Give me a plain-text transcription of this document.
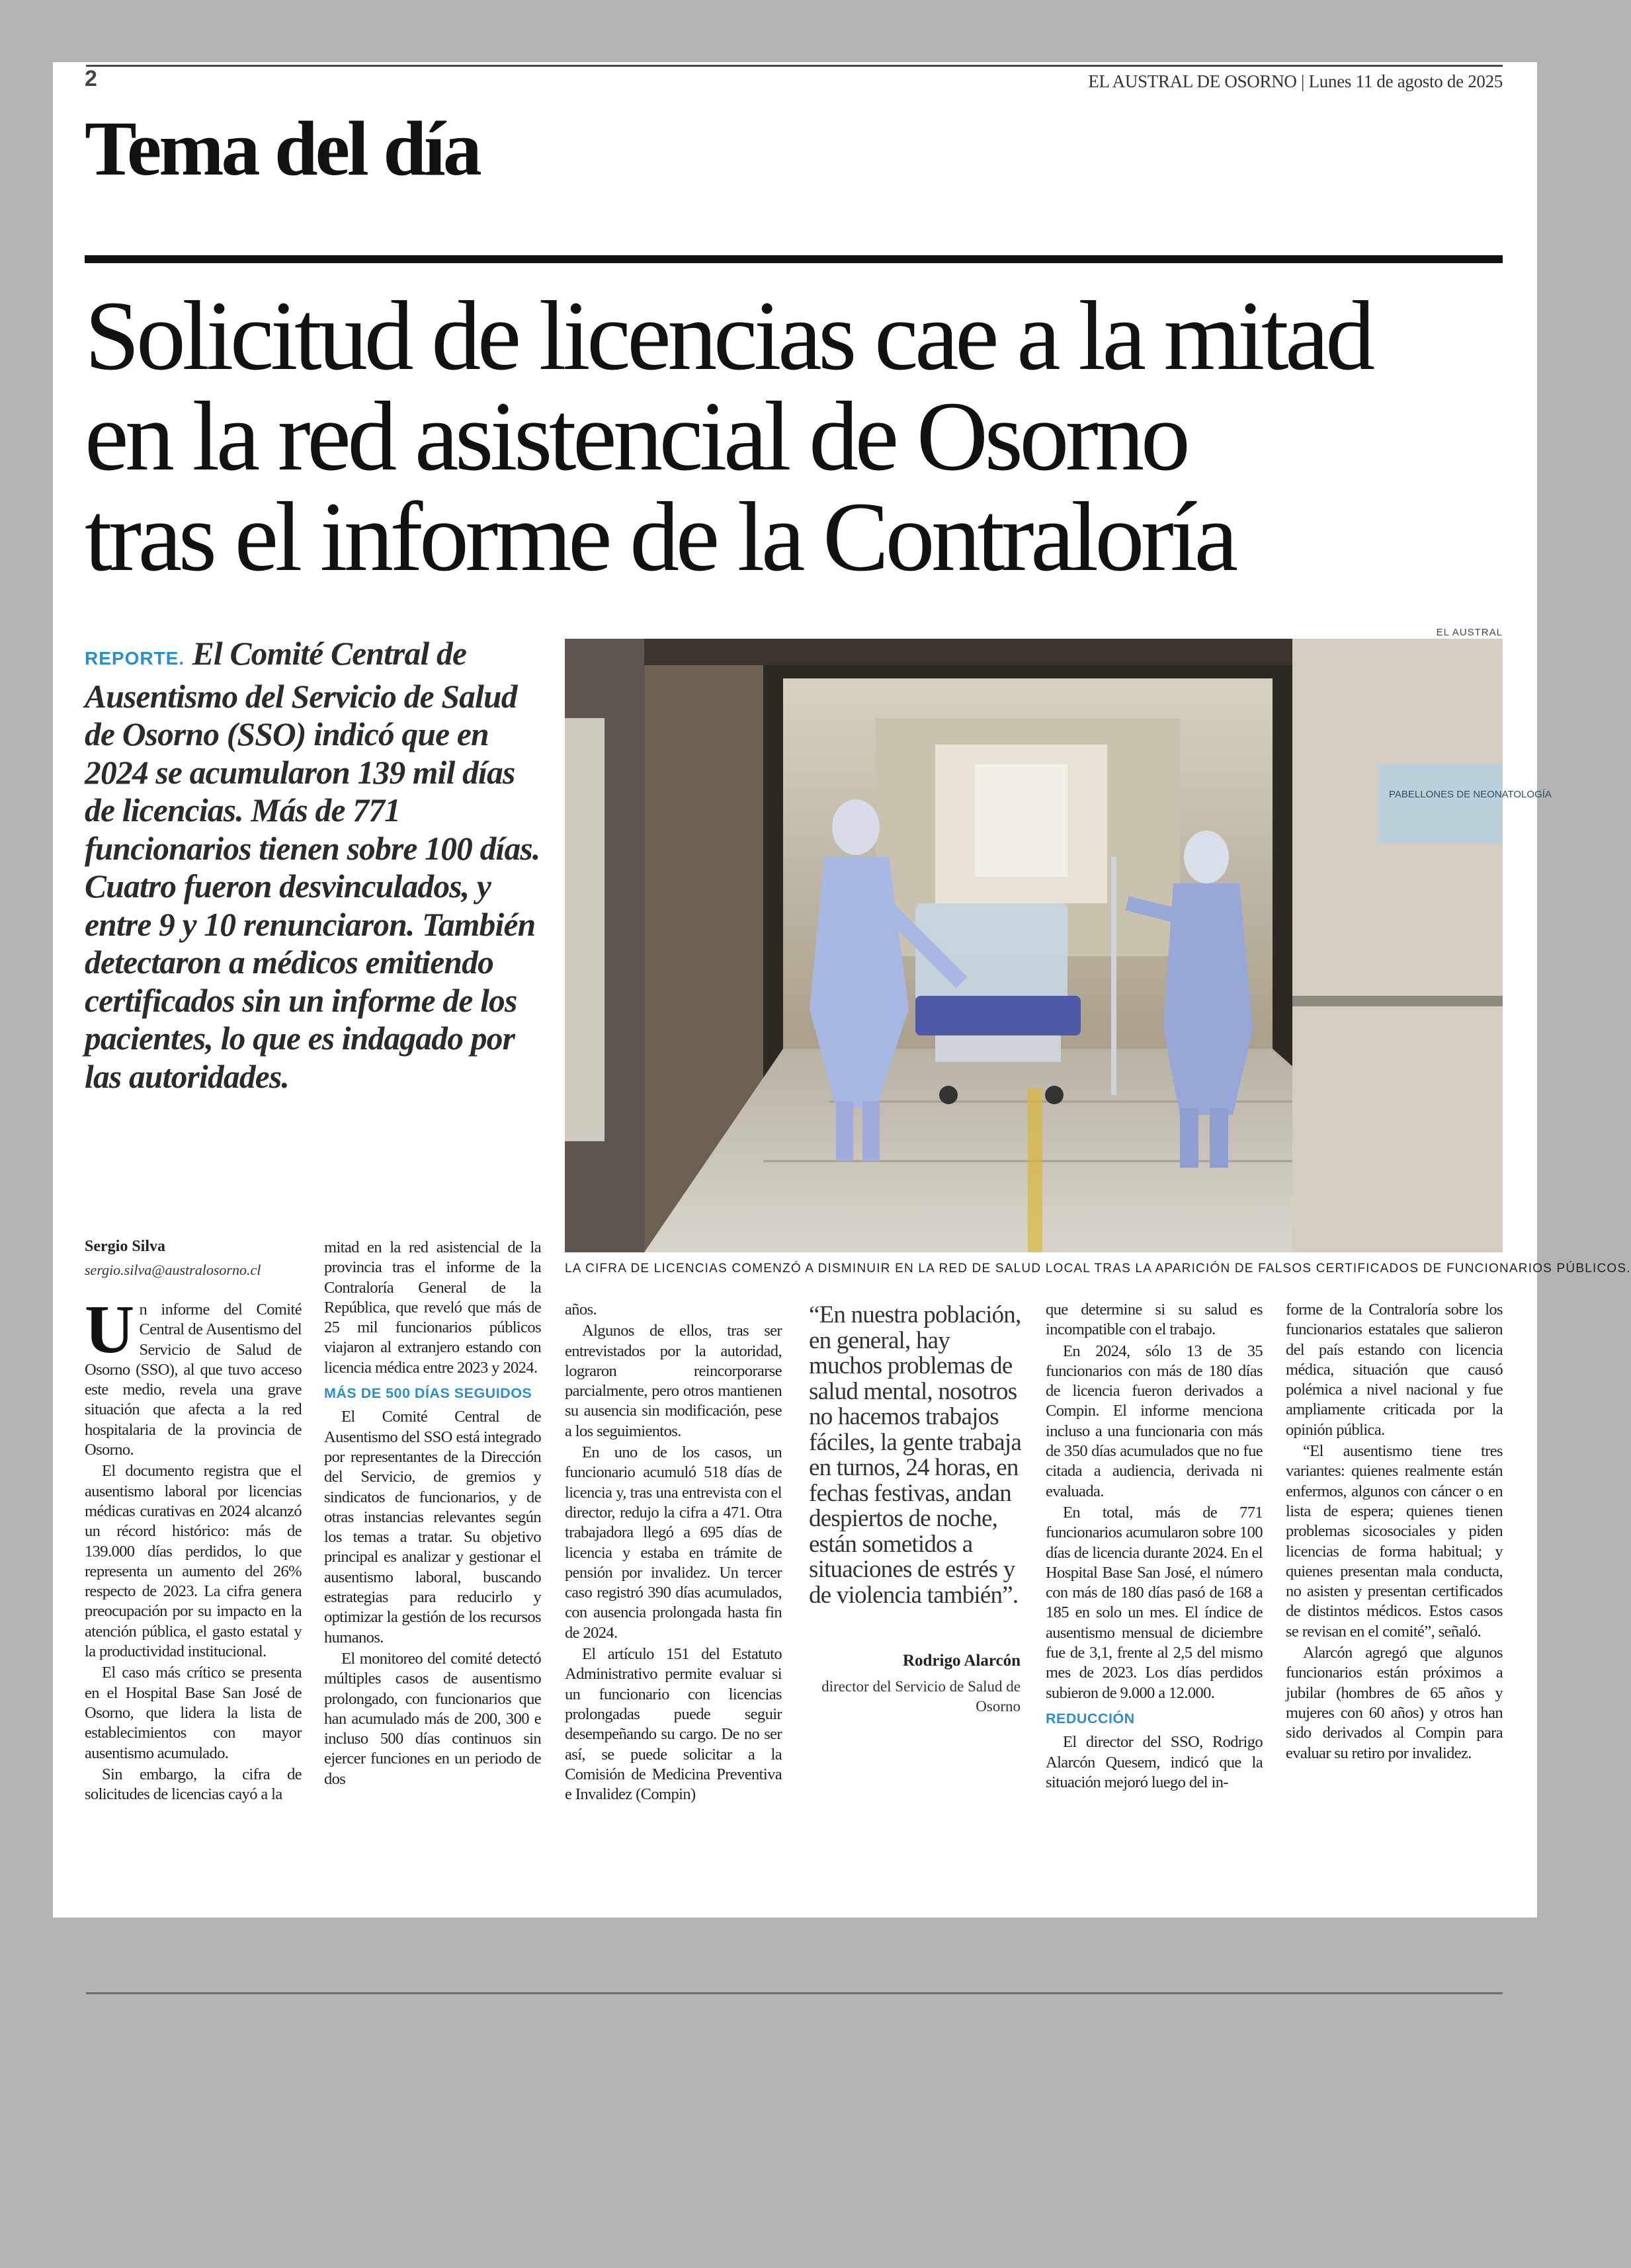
2	EL AUSTRAL DE OSORNO | Lunes 11 de agosto de 2025
Tema del día
Solicitud de licencias cae a la mitad
en la red asistencial de Osorno
tras el informe de la Contraloría

REPORTE. El Comité Central de Ausentismo del Servicio de Salud de Osorno (SSO) indicó que en 2024 se acumularon 139 mil días de licencias. Más de 771 funcionarios tienen sobre 100 días. Cuatro fueron desvinculados, y entre 9 y 10 renunciaron. También detectaron a médicos emitiendo certificados sin un informe de los pacientes, lo que es indagado por las autoridades.

EL AUSTRAL
PABELLONES DE NEONATOLOGÍA
LA CIFRA DE LICENCIAS COMENZÓ A DISMINUIR EN LA RED DE SALUD LOCAL TRAS LA APARICIÓN DE FALSOS CERTIFICADOS DE FUNCIONARIOS PÚBLICOS.
Sergio Silva
sergio.silva@australosorno.cl

Un informe del Comité Central de Ausentismo del Servicio de Salud de Osorno (SSO), al que tuvo acceso este medio, revela una grave situación que afecta a la red hospitalaria de la provincia de Osorno.

El documento registra que el ausentismo laboral por licencias médicas curativas en 2024 alcanzó un récord histórico: más de 139.000 días perdidos, lo que representa un aumento del 26% respecto de 2023. La cifra genera preocupación por su impacto en la atención pública, el gasto estatal y la productividad institucional.

El caso más crítico se presenta en el Hospital Base San José de Osorno, que lidera la lista de establecimientos con mayor ausentismo acumulado.

Sin embargo, la cifra de solicitudes de licencias cayó a la

mitad en la red asistencial de la provincia tras el informe de la Contraloría General de la República, que reveló que más de 25 mil funcionarios públicos viajaron al extranjero estando con licencia médica entre 2023 y 2024.

MÁS DE 500 DÍAS SEGUIDOS

El Comité Central de Ausentismo del SSO está integrado por representantes de la Dirección del Servicio, de gremios y sindicatos de funcionarios, y de otras instancias relevantes según los temas a tratar. Su objetivo principal es analizar y gestionar el ausentismo laboral, buscando estrategias para reducirlo y optimizar la gestión de los recursos humanos.

El monitoreo del comité detectó múltiples casos de ausentismo prolongado, con funcionarios que han acumulado más de 200, 300 e incluso 500 días continuos sin ejercer funciones en un periodo de dos

años.

Algunos de ellos, tras ser entrevistados por la autoridad, lograron reincorporarse parcialmente, pero otros mantienen su ausencia sin modificación, pese a los seguimientos.

En uno de los casos, un funcionario acumuló 518 días de licencia y, tras una entrevista con el director, redujo la cifra a 471. Otra trabajadora llegó a 695 días de licencia y estaba en trámite de pensión por invalidez. Un tercer caso registró 390 días acumulados, con ausencia prolongada hasta fin de 2024.

El artículo 151 del Estatuto Administrativo permite evaluar si un funcionario con licencias prolongadas puede seguir desempeñando su cargo. De no ser así, se puede solicitar a la Comisión de Medicina Preventiva e Invalidez (Compin)

“En nuestra población, en general, hay muchos problemas de salud mental, nosotros no hacemos trabajos fáciles, la gente trabaja en turnos, 24 horas, en fechas festivas, andan despiertos de noche, están sometidos a situaciones de estrés y de violencia también”.

Rodrigo Alarcón
director del Servicio de Salud de Osorno

que determine si su salud es incompatible con el trabajo.

En 2024, sólo 13 de 35 funcionarios con más de 180 días de licencia fueron derivados a Compin. El informe menciona incluso a una funcionaria con más de 350 días acumulados que no fue citada a audiencia, derivada ni evaluada.

En total, más de 771 funcionarios acumularon sobre 100 días de licencia durante 2024. En el Hospital Base San José, el número con más de 180 días pasó de 168 a 185 en solo un mes. El índice de ausentismo mensual de diciembre fue de 3,1, frente al 2,5 del mismo mes de 2023. Los días perdidos subieron de 9.000 a 12.000.

REDUCCIÓN

El director del SSO, Rodrigo Alarcón Quesem, indicó que la situación mejoró luego del in-

forme de la Contraloría sobre los funcionarios estatales que salieron del país estando con licencia médica, situación que causó polémica a nivel nacional y fue ampliamente criticada por la opinión pública.

“El ausentismo tiene tres variantes: quienes realmente están enfermos, algunos con cáncer o en lista de espera; quienes tienen problemas sicosociales y piden licencias de forma habitual; y quienes presentan mala conducta, no asisten y presentan certificados de distintos médicos. Estos casos se revisan en el comité”, señaló.

Alarcón agregó que algunos funcionarios están próximos a jubilar (hombres de 65 años y mujeres con 60 años) y otros han sido derivados al Compin para evaluar su retiro por invalidez.
